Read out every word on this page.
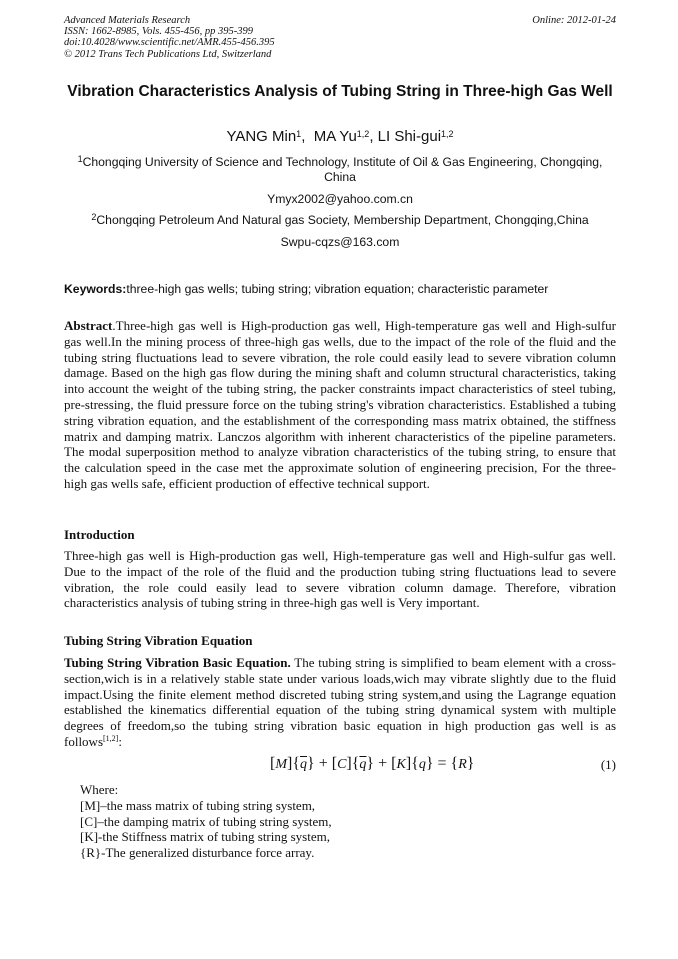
Advanced Materials Research
ISSN: 1662-8985, Vols. 455-456, pp 395-399
doi:10.4028/www.scientific.net/AMR.455-456.395
© 2012 Trans Tech Publications Ltd, Switzerland
Online: 2012-01-24
Vibration Characteristics Analysis of Tubing String in Three-high Gas Well
YANG Min$^1$,  MA Yu$^{1,2}$, LI Shi-gui$^{1,2}$
$^1$Chongqing University of Science and Technology, Institute of Oil & Gas Engineering, Chongqing, China
Ymyx2002@yahoo.com.cn
$^2$Chongqing Petroleum And Natural gas Society, Membership Department, Chongqing,China
Swpu-cqzs@163.com
Keywords:three-high gas wells; tubing string; vibration equation; characteristic parameter
Abstract.Three-high gas well is High-production gas well, High-temperature gas well and High-sulfur gas well.In the mining process of three-high gas wells, due to the impact of the role of the fluid and the tubing string fluctuations lead to severe vibration, the role could easily lead to severe vibration column damage. Based on the high gas flow during the mining shaft and column structural characteristics, taking into account the weight of the tubing string, the packer constraints impact characteristics of steel tubing, pre-stressing, the fluid pressure force on the tubing string's vibration characteristics. Established a tubing string vibration equation, and the establishment of the corresponding mass matrix obtained, the stiffness matrix and damping matrix. Lanczos algorithm with inherent characteristics of the pipeline parameters. The modal superposition method to analyze vibration characteristics of the tubing string, to ensure that the calculation speed in the case met the approximate solution of engineering precision, For the three-high gas wells safe, efficient production of effective technical support.
Introduction
Three-high gas well is High-production gas well, High-temperature gas well and High-sulfur gas well. Due to the impact of the role of the fluid and the production tubing string fluctuations lead to severe vibration, the role could easily lead to severe vibration column damage. Therefore, vibration characteristics analysis of tubing string in three-high gas well is Very important.
Tubing String Vibration Equation
Tubing String Vibration Basic Equation. The tubing string is simplified to beam element with a cross-section,wich is in a relatively stable state under various loads,wich may vibrate slightly due to the fluid impact.Using the finite element method discreted tubing string system,and using the Lagrange equation established the kinematics differential equation of the tubing string dynamical system with multiple degrees of freedom,so the tubing string vibration basic equation in high production gas well is as follows[1,2]:
$[M]\{\overline{q}\} + [C]\{\overline{q}\} + [K]\{q\} = \{R\}$	(1)
Where:
[M]–the mass matrix of tubing string system,
[C]–the damping matrix of tubing string system,
[K]-the Stiffness matrix of tubing string system,
{R}-The generalized disturbance force array.
